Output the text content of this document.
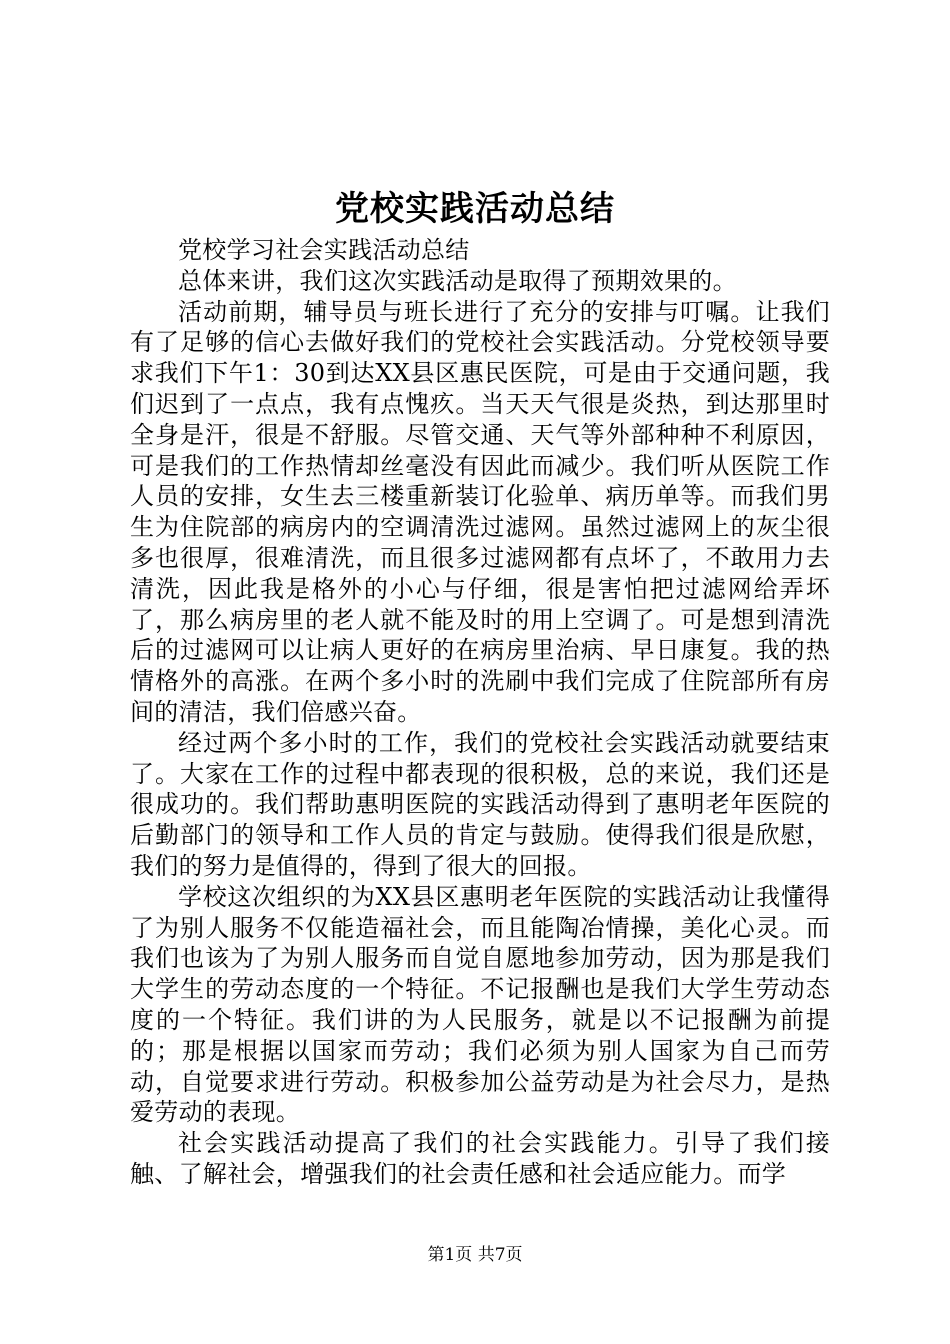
党校实践活动总结

党校学习社会实践活动总结

总体来讲，我们这次实践活动是取得了预期效果的。

活动前期，辅导员与班长进行了充分的安排与叮嘱。让我们有了足够的信心去做好我们的党校社会实践活动。分党校领导要求我们下午1：30到达XX县区惠民医院，可是由于交通问题，我们迟到了一点点，我有点愧疚。当天天气很是炎热，到达那里时全身是汗，很是不舒服。尽管交通、天气等外部种种不利原因，可是我们的工作热情却丝毫没有因此而减少。我们听从医院工作人员的安排，女生去三楼重新装订化验单、病历单等。而我们男生为住院部的病房内的空调清洗过滤网。虽然过滤网上的灰尘很多也很厚，很难清洗，而且很多过滤网都有点坏了，不敢用力去清洗，因此我是格外的小心与仔细，很是害怕把过滤网给弄坏了，那么病房里的老人就不能及时的用上空调了。可是想到清洗后的过滤网可以让病人更好的在病房里治病、早日康复。我的热情格外的高涨。在两个多小时的洗刷中我们完成了住院部所有房间的清洁，我们倍感兴奋。

经过两个多小时的工作，我们的党校社会实践活动就要结束了。大家在工作的过程中都表现的很积极，总的来说，我们还是很成功的。我们帮助惠明医院的实践活动得到了惠明老年医院的后勤部门的领导和工作人员的肯定与鼓励。使得我们很是欣慰，我们的努力是值得的，得到了很大的回报。

学校这次组织的为XX县区惠明老年医院的实践活动让我懂得了为别人服务不仅能造福社会，而且能陶冶情操，美化心灵。而我们也该为了为别人服务而自觉自愿地参加劳动，因为那是我们大学生的劳动态度的一个特征。不记报酬也是我们大学生劳动态度的一个特征。我们讲的为人民服务，就是以不记报酬为前提的；那是根据以国家而劳动；我们必须为别人国家为自己而劳动，自觉要求进行劳动。积极参加公益劳动是为社会尽力，是热爱劳动的表现。

社会实践活动提高了我们的社会实践能力。引导了我们接触、了解社会，增强我们的社会责任感和社会适应能力。而学

第1页 共7页
